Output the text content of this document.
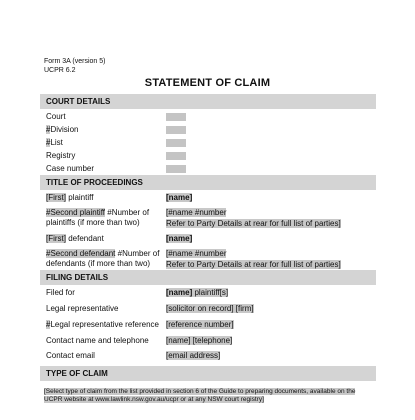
Form 3A (version 5)
UCPR 6.2
STATEMENT OF CLAIM
COURT DETAILS
Court
#Division
#List
Registry
Case number
TITLE OF PROCEEDINGS
[First] plaintiff	[name]
#Second plaintiff #Number of plaintiffs (if more than two)
[#name #number
Refer to Party Details at rear for full list of parties]
[First] defendant	[name]
#Second defendant #Number of defendants (if more than two)
[#name #number
Refer to Party Details at rear for full list of parties]
FILING DETAILS
Filed for	[name] plaintiff[s]
Legal representative	[solicitor on record] [firm]
#Legal representative reference [reference number]
Contact name and telephone	[name] [telephone]
Contact email	[email address]
TYPE OF CLAIM
[Select type of claim from the list provided in section 6 of the Guide to preparing documents, available on the UCPR website at www.lawlink.nsw.gov.au/ucpr or at any NSW court registry]
